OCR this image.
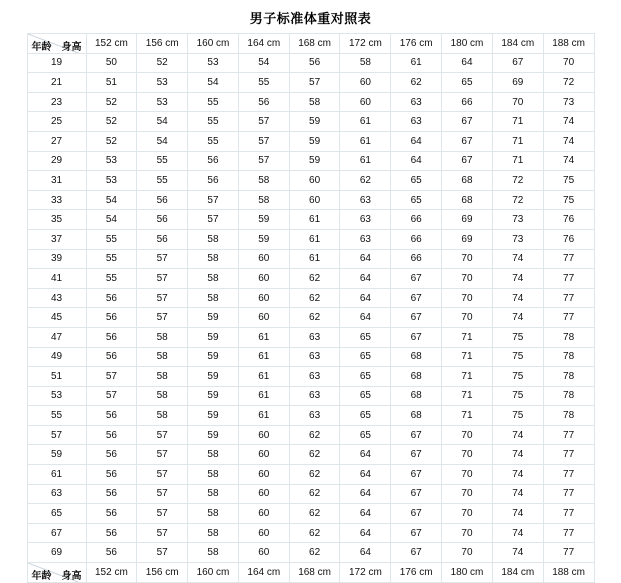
男子标准体重对照表
年龄 身高	152 cm	156 cm	160 cm	164 cm	168 cm	172 cm	176 cm	180 cm	184 cm	188 cm
19	50	52	53	54	56	58	61	64	67	70
21	51	53	54	55	57	60	62	65	69	72
23	52	53	55	56	58	60	63	66	70	73
25	52	54	55	57	59	61	63	67	71	74
27	52	54	55	57	59	61	64	67	71	74
29	53	55	56	57	59	61	64	67	71	74
31	53	55	56	58	60	62	65	68	72	75
33	54	56	57	58	60	63	65	68	72	75
35	54	56	57	59	61	63	66	69	73	76
37	55	56	58	59	61	63	66	69	73	76
39	55	57	58	60	61	64	66	70	74	77
41	55	57	58	60	62	64	67	70	74	77
43	56	57	58	60	62	64	67	70	74	77
45	56	57	59	60	62	64	67	70	74	77
47	56	58	59	61	63	65	67	71	75	78
49	56	58	59	61	63	65	68	71	75	78
51	57	58	59	61	63	65	68	71	75	78
53	57	58	59	61	63	65	68	71	75	78
55	56	58	59	61	63	65	68	71	75	78
57	56	57	59	60	62	65	67	70	74	77
59	56	57	58	60	62	64	67	70	74	77
61	56	57	58	60	62	64	67	70	74	77
63	56	57	58	60	62	64	67	70	74	77
65	56	57	58	60	62	64	67	70	74	77
67	56	57	58	60	62	64	67	70	74	77
69	56	57	58	60	62	64	67	70	74	77

年龄 身高	152 cm	156 cm	160 cm	164 cm	168 cm	172 cm	176 cm	180 cm	184 cm	188 cm
